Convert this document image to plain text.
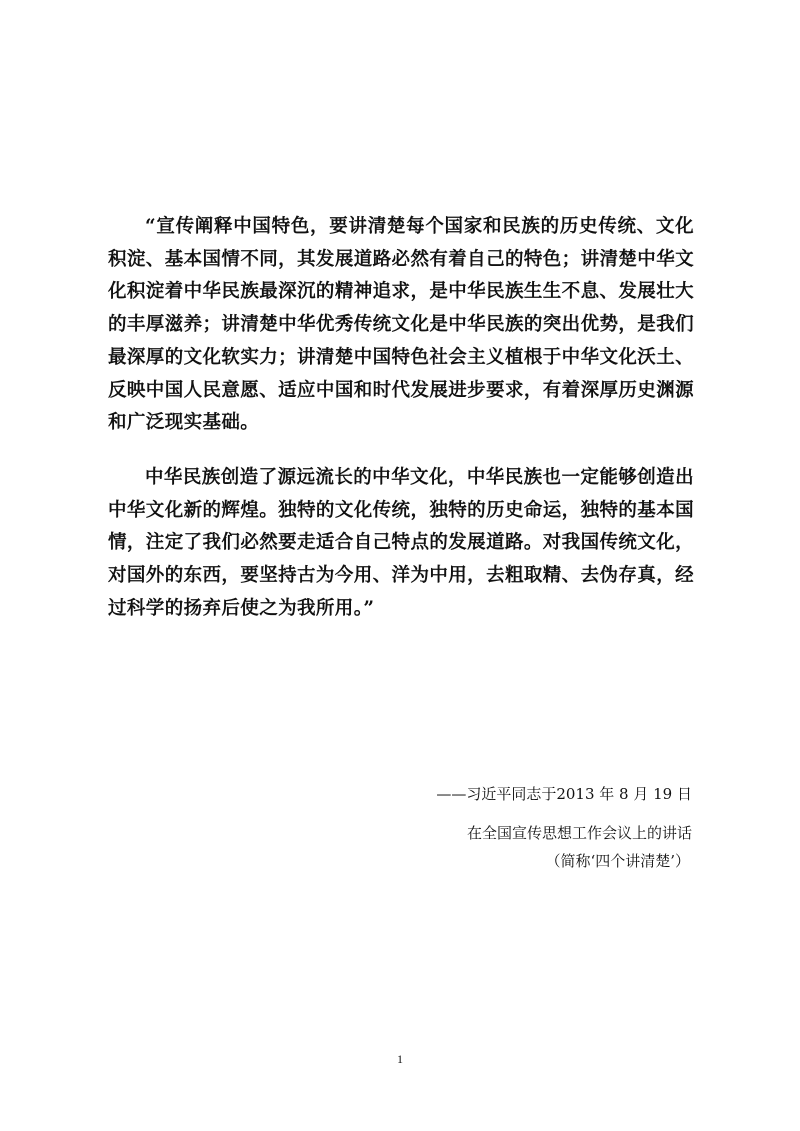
“宣传阐释中国特色，要讲清楚每个国家和民族的历史传统、文化积淀、基本国情不同，其发展道路必然有着自己的特色；讲清楚中华文化积淀着中华民族最深沉的精神追求，是中华民族生生不息、发展壮大的丰厚滋养；讲清楚中华优秀传统文化是中华民族的突出优势，是我们最深厚的文化软实力；讲清楚中国特色社会主义植根于中华文化沃土、反映中国人民意愿、适应中国和时代发展进步要求，有着深厚历史渊源和广泛现实基础。

中华民族创造了源远流长的中华文化，中华民族也一定能够创造出中华文化新的辉煌。独特的文化传统，独特的历史命运，独特的基本国情，注定了我们必然要走适合自己特点的发展道路。对我国传统文化，对国外的东西，要坚持古为今用、洋为中用，去粗取精、去伪存真，经过科学的扬弃后使之为我所用。”

——习近平同志于2013 年 8 月 19 日
在全国宣传思想工作会议上的讲话
（简称‘四个讲清楚’）
1
